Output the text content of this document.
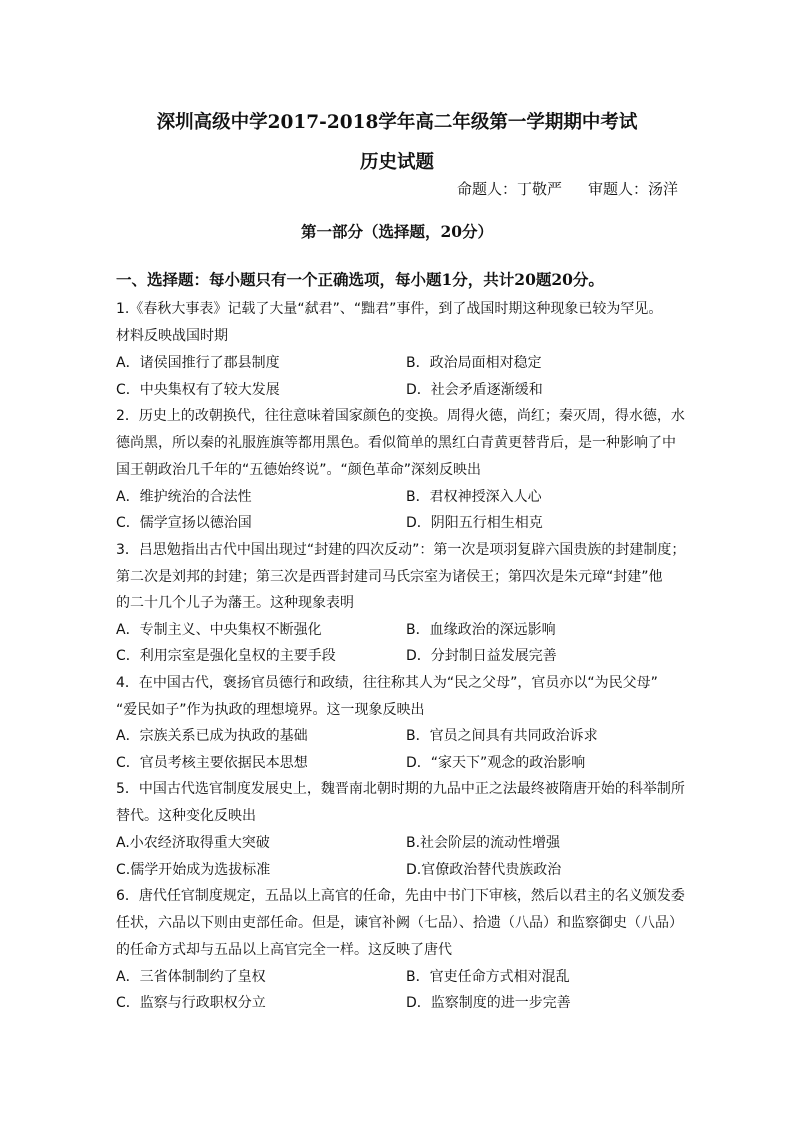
深圳高级中学2017-2018学年高二年级第一学期期中考试
历史试题
命题人：丁敬严 审题人：汤洋
第一部分（选择题，20分）
一、选择题：每小题只有一个正确选项，每小题1分，共计20题20分。
1.《春秋大事表》记载了大量“弑君”、“黜君”事件，到了战国时期这种现象已较为罕见。
材料反映战国时期
A．诸侯国推行了郡县制度	B．政治局面相对稳定
C．中央集权有了较大发展	D．社会矛盾逐渐缓和
2．历史上的改朝换代，往往意味着国家颜色的变换。周得火德，尚红；秦灭周，得水德，水
德尚黑，所以秦的礼服旌旗等都用黑色。看似简单的黑红白青黄更替背后，是一种影响了中
国王朝政治几千年的“五德始终说”。“颜色革命”深刻反映出
A．维护统治的合法性	B．君权神授深入人心
C．儒学宣扬以德治国	D．阴阳五行相生相克
3．吕思勉指出古代中国出现过“封建的四次反动”：第一次是项羽复辟六国贵族的封建制度；
第二次是刘邦的封建；第三次是西晋封建司马氏宗室为诸侯王；第四次是朱元璋“封建”他
的二十几个儿子为藩王。这种现象表明
A．专制主义、中央集权不断强化	B．血缘政治的深远影响
C．利用宗室是强化皇权的主要手段	D．分封制日益发展完善
4．在中国古代，褒扬官员德行和政绩，往往称其人为“民之父母”，官员亦以“为民父母”
“爱民如子”作为执政的理想境界。这一现象反映出
A．宗族关系已成为执政的基础	B．官员之间具有共同政治诉求
C．官员考核主要依据民本思想	D．“家天下”观念的政治影响
5．中国古代选官制度发展史上，魏晋南北朝时期的九品中正之法最终被隋唐开始的科举制所
替代。这种变化反映出
A.小农经济取得重大突破	B.社会阶层的流动性增强
C.儒学开始成为选拔标准	D.官僚政治替代贵族政治
6．唐代任官制度规定，五品以上高官的任命，先由中书门下审核，然后以君主的名义颁发委
任状，六品以下则由吏部任命。但是，谏官补阙（七品）、拾遗（八品）和监察御史（八品）
的任命方式却与五品以上高官完全一样。这反映了唐代
A．三省体制制约了皇权	B．官吏任命方式相对混乱
C．监察与行政职权分立	D．监察制度的进一步完善
